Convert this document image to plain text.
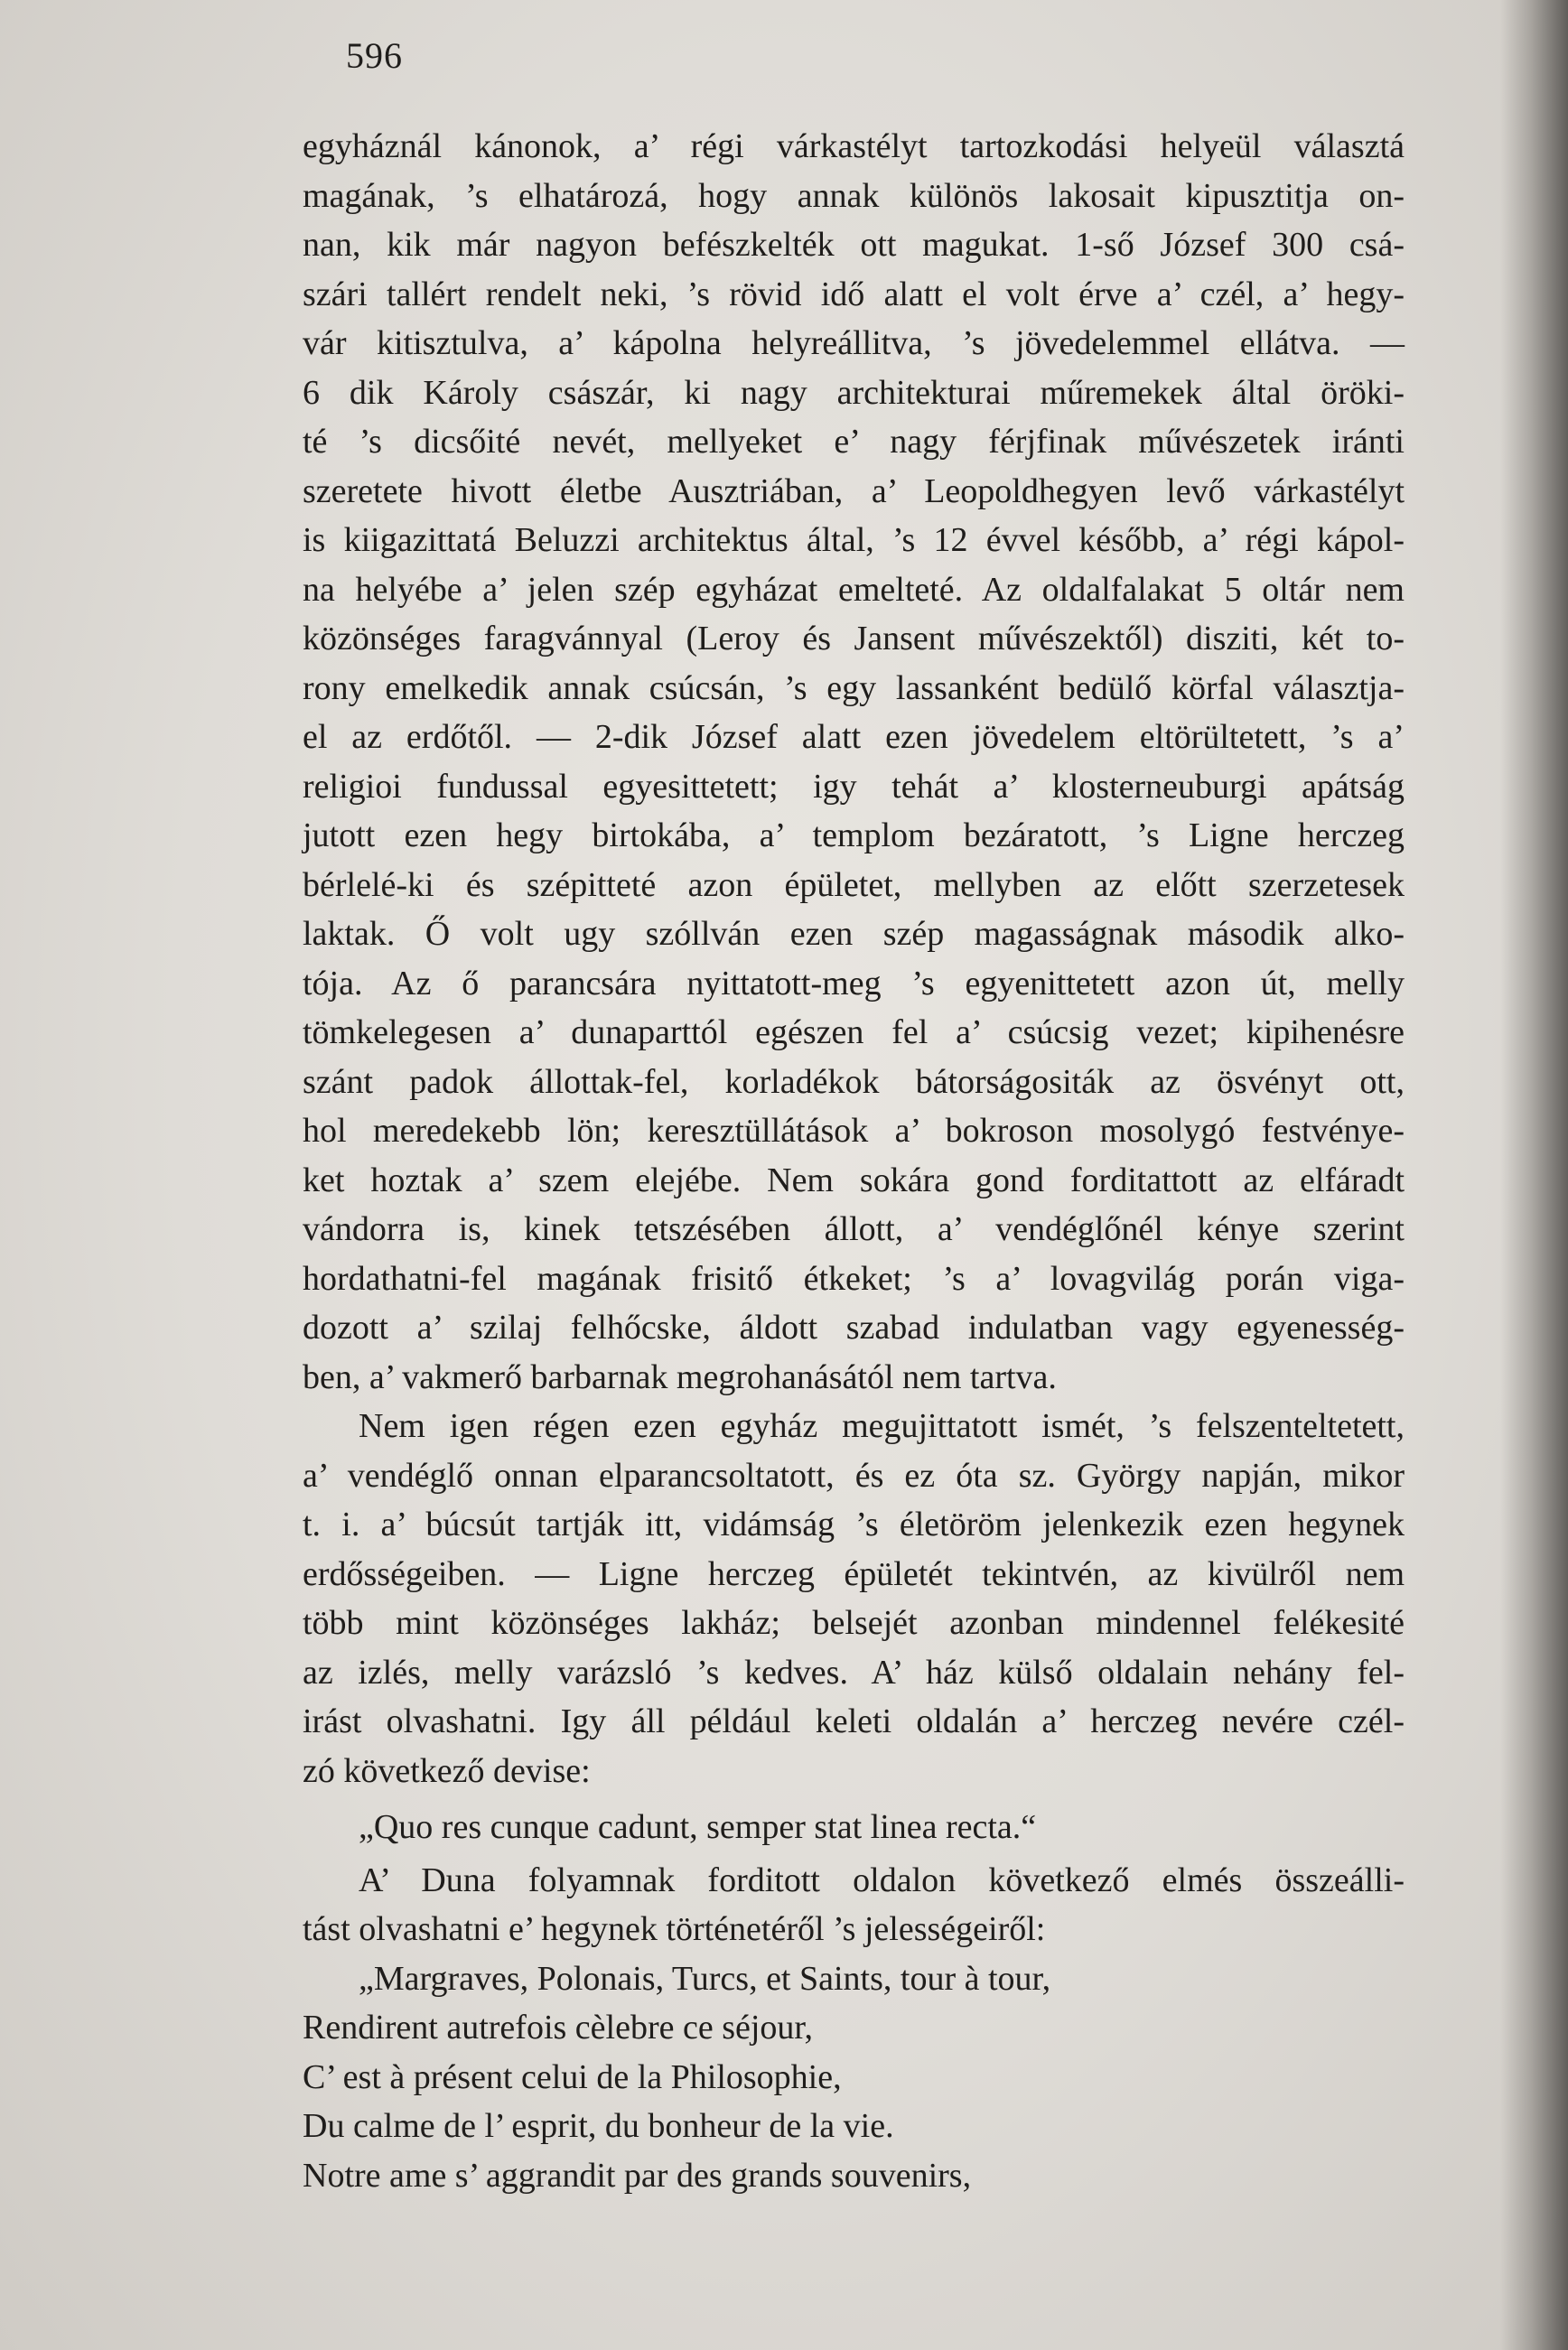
596
egyháznál kánonok, a’ régi várkastélyt tartozkodási helyeül választá
magának, ’s elhatározá, hogy annak különös lakosait kipusztitja on-
nan, kik már nagyon befészkelték ott magukat. 1-ső József 300 csá-
szári tallért rendelt neki, ’s rövid idő alatt el volt érve a’ czél, a’ hegy-
vár kitisztulva, a’ kápolna helyreállitva, ’s jövedelemmel ellátva. —
6 dik Károly császár, ki nagy architekturai műremekek által öröki-
té ’s dicsőité nevét, mellyeket e’ nagy férjfinak művészetek iránti
szeretete hivott életbe Ausztriában, a’ Leopoldhegyen levő várkastélyt
is kiigazittatá Beluzzi architektus által, ’s 12 évvel később, a’ régi kápol-
na helyébe a’ jelen szép egyházat emelteté. Az oldalfalakat 5 oltár nem
közönséges faragvánnyal (Leroy és Jansent művészektől) disziti, két to-
rony emelkedik annak csúcsán, ’s egy lassanként bedülő körfal választja-
el az erdőtől. — 2-dik József alatt ezen jövedelem eltörültetett, ’s a’
religioi fundussal egyesittetett; igy tehát a’ klosterneuburgi apátság
jutott ezen hegy birtokába, a’ templom bezáratott, ’s Ligne herczeg
bérlelé-ki és szépitteté azon épületet, mellyben az előtt szerzetesek
laktak. Ő volt ugy szóllván ezen szép magasságnak második alko-
tója. Az ő parancsára nyittatott-meg ’s egyenittetett azon út, melly
tömkelegesen a’ dunaparttól egészen fel a’ csúcsig vezet; kipihenésre
szánt padok állottak-fel, korladékok bátorságositák az ösvényt ott,
hol meredekebb lön; keresztüllátások a’ bokroson mosolygó festvénye-
ket hoztak a’ szem elejébe. Nem sokára gond forditattott az elfáradt
vándorra is, kinek tetszésében állott, a’ vendéglőnél kénye szerint
hordathatni-fel magának frisitő étkeket; ’s a’ lovagvilág porán viga-
dozott a’ szilaj felhőcske, áldott szabad indulatban vagy egyenesség-
ben, a’ vakmerő barbarnak megrohanásától nem tartva.
Nem igen régen ezen egyház megujittatott ismét, ’s felszenteltetett,
a’ vendéglő onnan elparancsoltatott, és ez óta sz. György napján, mikor
t. i. a’ búcsút tartják itt, vidámság ’s életöröm jelenkezik ezen hegynek
erdősségeiben. — Ligne herczeg épületét tekintvén, az kivülről nem
több mint közönséges lakház; belsejét azonban mindennel felékesité
az izlés, melly varázsló ’s kedves. A’ ház külső oldalain nehány fel-
irást olvashatni. Igy áll például keleti oldalán a’ herczeg nevére czél-
zó következő devise:
„Quo res cunque cadunt, semper stat linea recta.“
A’ Duna folyamnak forditott oldalon következő elmés összeálli-
tást olvashatni e’ hegynek történetéről ’s jelességeiről:
„Margraves, Polonais, Turcs, et Saints, tour à tour,
Rendirent autrefois cèlebre ce séjour,
C’ est à présent celui de la Philosophie,
Du calme de l’ esprit, du bonheur de la vie.
Notre ame s’ aggrandit par des grands souvenirs,
